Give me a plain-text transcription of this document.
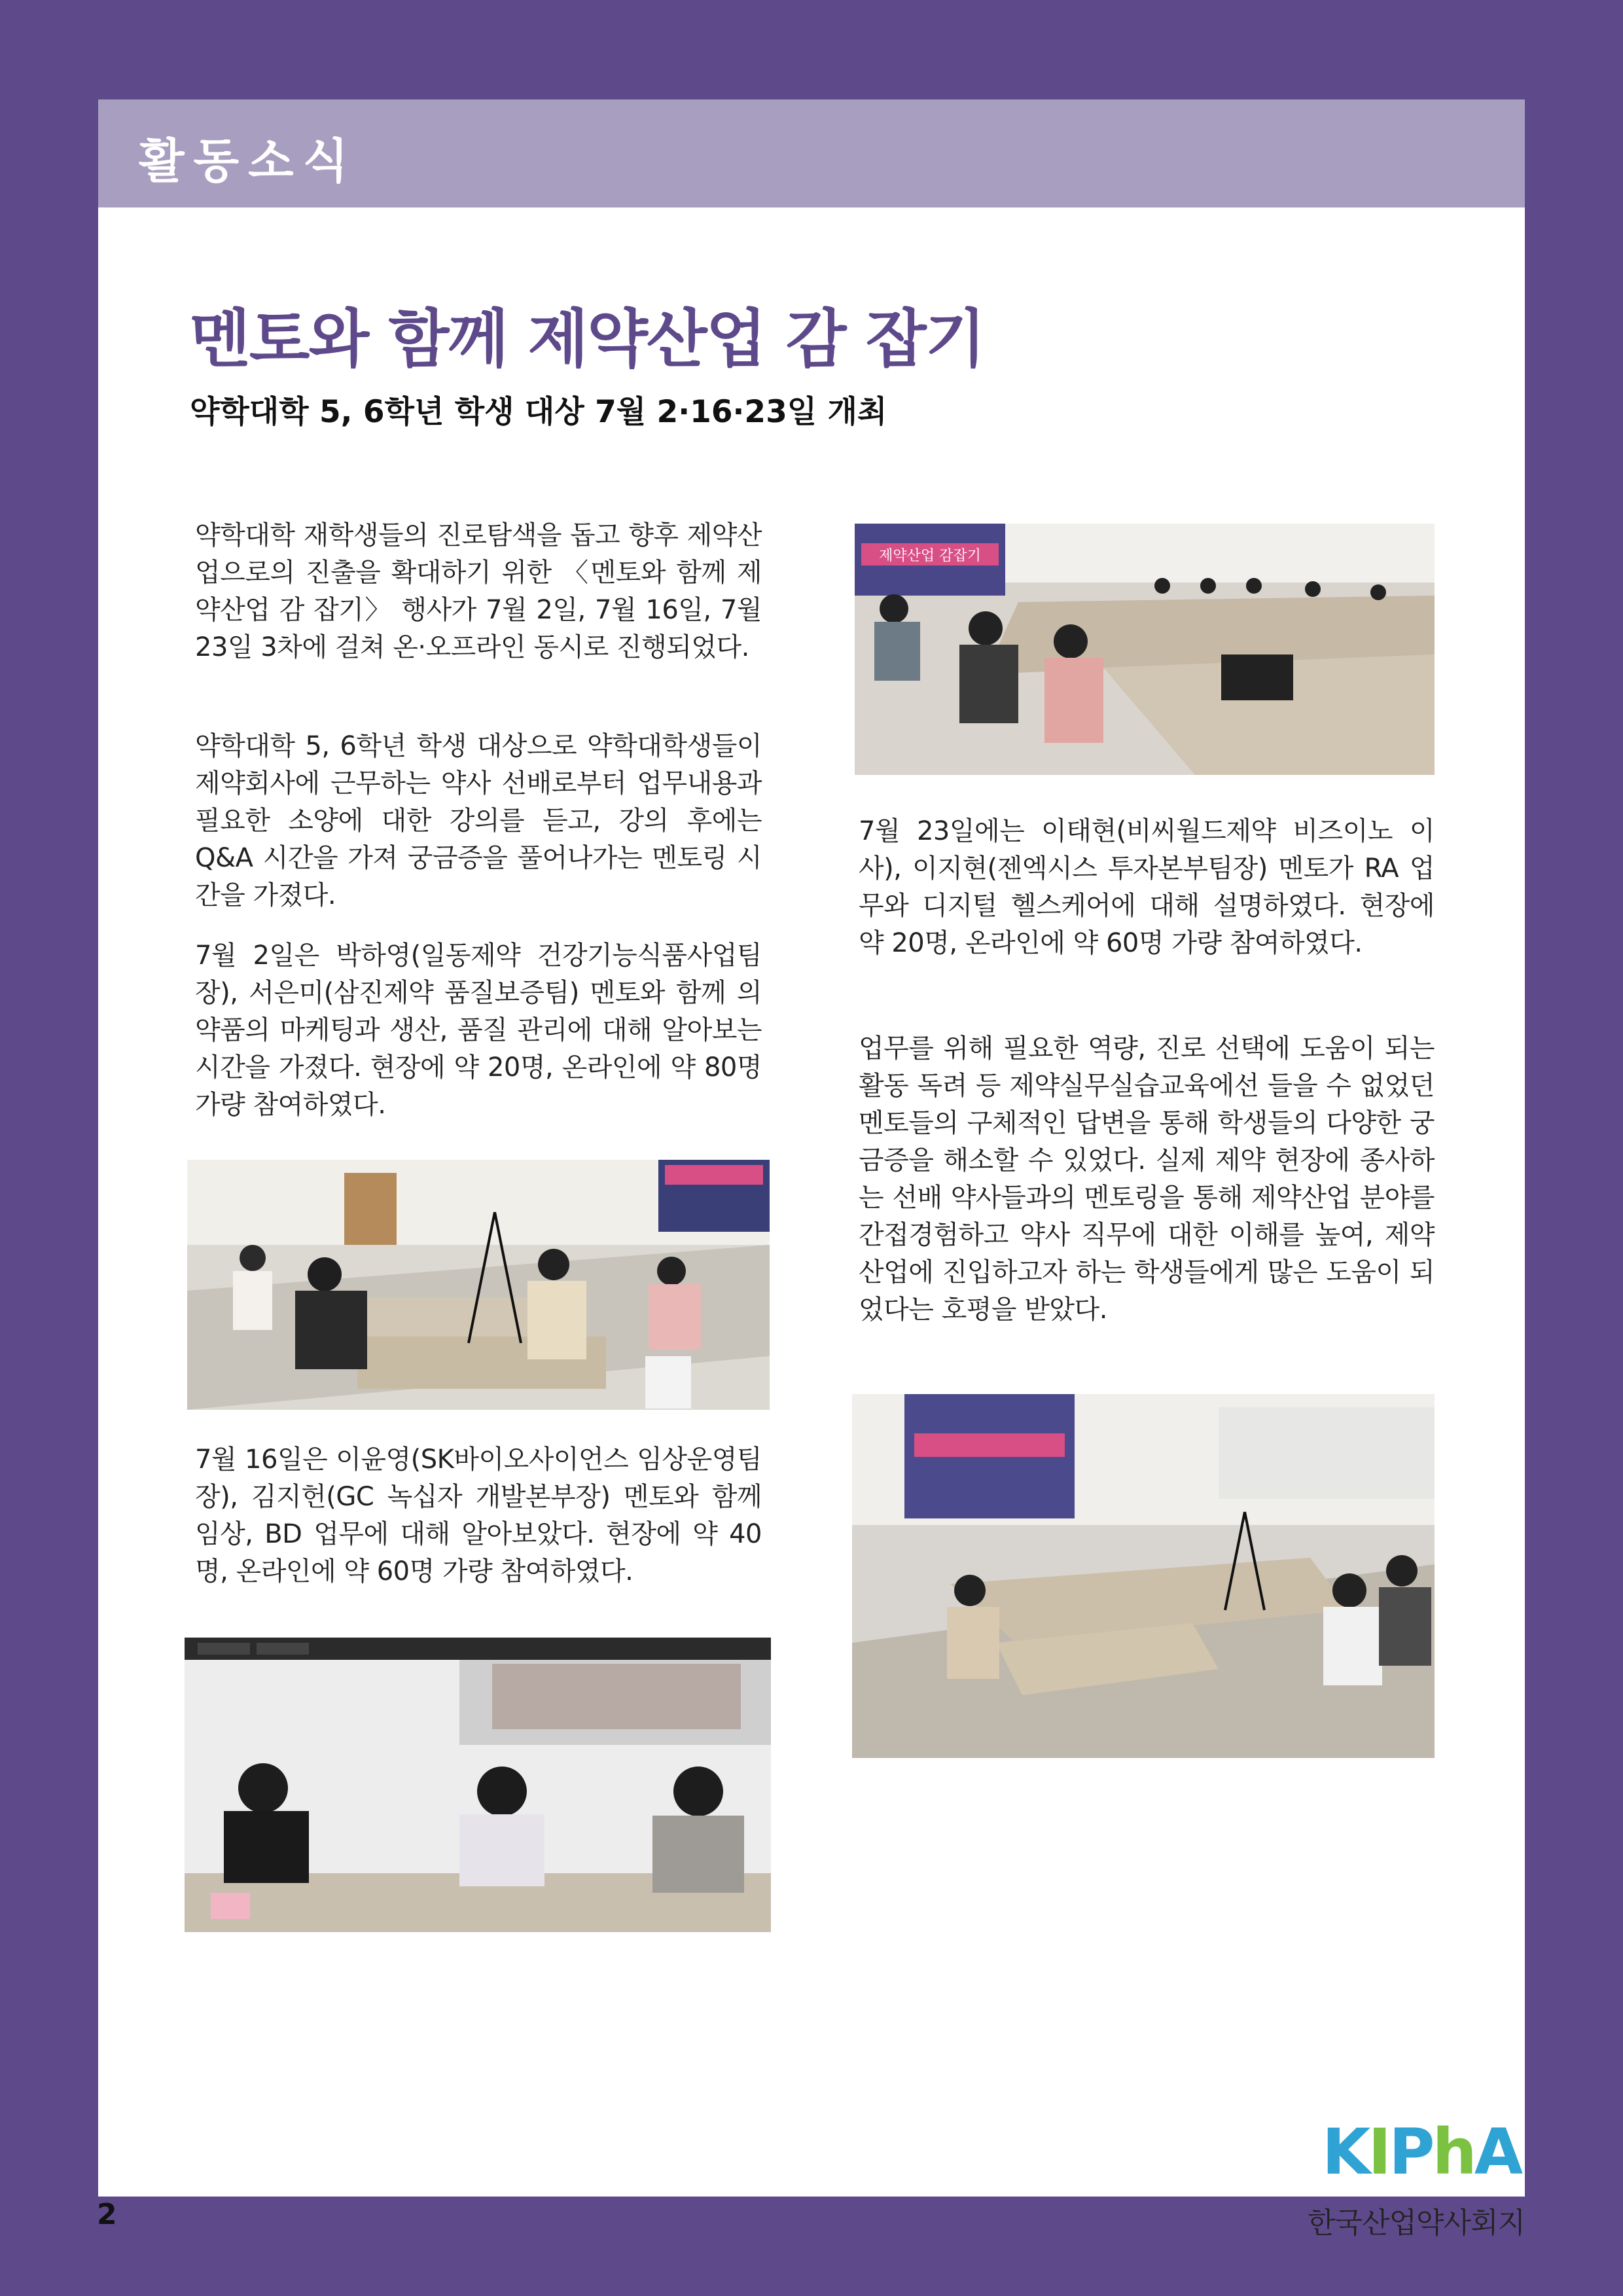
활동소식
멘토와 함께 제약산업 감 잡기
약학대학 5, 6학년 학생 대상 7월 2·16·23일 개최

약학대학 재학생들의 진로탐색을 돕고 향후 제약산업으로의 진출을 확대하기 위한 〈멘토와 함께 제약산업 감 잡기〉 행사가 7월 2일, 7월 16일, 7월 23일 3차에 걸쳐 온·오프라인 동시로 진행되었다.

약학대학 5, 6학년 학생 대상으로 약학대학생들이 제약회사에 근무하는 약사 선배로부터 업무내용과 필요한 소양에 대한 강의를 듣고, 강의 후에는 Q&A 시간을 가져 궁금증을 풀어나가는 멘토링 시간을 가졌다.

7월 2일은 박하영(일동제약 건강기능식품사업팀장), 서은미(삼진제약 품질보증팀) 멘토와 함께 의약품의 마케팅과 생산, 품질 관리에 대해 알아보는 시간을 가졌다. 현장에 약 20명, 온라인에 약 80명 가량 참여하였다.

7월 16일은 이윤영(SK바이오사이언스 임상운영팀장), 김지헌(GC 녹십자 개발본부장) 멘토와 함께 임상, BD 업무에 대해 알아보았다. 현장에 약 40명, 온라인에 약 60명 가량 참여하였다.

제약산업 감잡기

7월 23일에는 이태현(비씨월드제약 비즈이노 이사), 이지현(젠엑시스 투자본부팀장) 멘토가 RA 업무와 디지털 헬스케어에 대해 설명하였다. 현장에 약 20명, 온라인에 약 60명 가량 참여하였다.

업무를 위해 필요한 역량, 진로 선택에 도움이 되는 활동 독려 등 제약실무실습교육에선 들을 수 없었던 멘토들의 구체적인 답변을 통해 학생들의 다양한 궁금증을 해소할 수 있었다. 실제 제약 현장에 종사하는 선배 약사들과의 멘토링을 통해 제약산업 분야를 간접경험하고 약사 직무에 대한 이해를 높여, 제약산업에 진입하고자 하는 학생들에게 많은 도움이 되었다는 호평을 받았다.

KIPhA
2	한국산업약사회지
